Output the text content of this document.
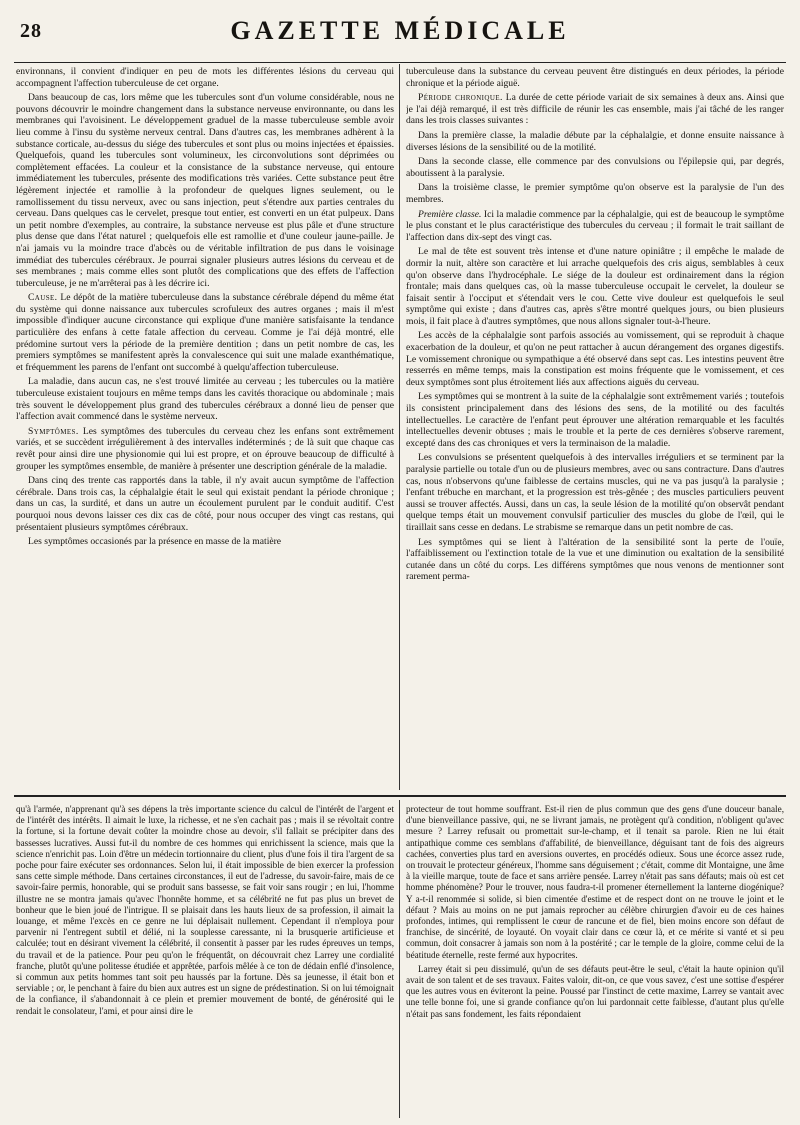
28	GAZETTE MÉDICALE

environnans, il convient d'indiquer en peu de mots les différentes lésions du cerveau qui accompagnent l'affection tuberculeuse de cet organe.

Dans beaucoup de cas, lors même que les tubercules sont d'un volume considérable, nous ne pouvons découvrir le moindre changement dans la substance nerveuse environnante, ou dans les membranes qui l'avoisinent. Le développement graduel de la masse tuberculeuse semble avoir lieu comme à l'insu du système nerveux central. Dans d'autres cas, les membranes adhèrent à la substance corticale, au-dessus du siége des tubercules et sont plus ou moins injectées et épaissies. Quelquefois, quand les tubercules sont volumineux, les circonvolutions sont déprimées ou complètement effacées. La couleur et la consistance de la substance nerveuse, qui entoure immédiatement les tubercules, présente des modifications très variées. Cette substance peut être légèrement injectée et ramollie à la profondeur de quelques lignes seulement, ou le ramollissement du tissu nerveux, avec ou sans injection, peut s'étendre aux parties centrales du cerveau. Dans quelques cas le cervelet, presque tout entier, est converti en un état pulpeux. Dans un petit nombre d'exemples, au contraire, la substance nerveuse est plus pâle et d'une structure plus dense que dans l'état naturel ; quelquefois elle est ramollie et d'une couleur jaune-paille. Je n'ai jamais vu la moindre trace d'abcès ou de véritable infiltration de pus dans le voisinage immédiat des tubercules cérébraux. Je pourrai signaler plusieurs autres lésions du cerveau et de ses membranes ; mais comme elles sont plutôt des complications que des effets de l'affection tuberculeuse, je ne m'arrêterai pas à les décrire ici.

Cause. Le dépôt de la matière tuberculeuse dans la substance cérébrale dépend du même état du système qui donne naissance aux tubercules scrofuleux des autres organes ; mais il m'est impossible d'indiquer aucune circonstance qui explique d'une manière satisfaisante la tendance particulière des enfans à cette fatale affection du cerveau. Comme je l'ai déjà montré, elle prédomine surtout vers la période de la première dentition ; dans un petit nombre de cas, les premiers symptômes se manifestent après la convalescence qui suit une malade exanthématique, et fréquemment les parens de l'enfant ont succombé à quelqu'affection tuberculeuse.

La maladie, dans aucun cas, ne s'est trouvé limitée au cerveau ; les tubercules ou la matière tuberculeuse existaient toujours en même temps dans les cavités thoracique ou abdominale ; mais très souvent le développement plus grand des tubercules cérébraux a donné lieu de penser que l'affection avait commencé dans le système nerveux.

Symptômes. Les symptômes des tubercules du cerveau chez les enfans sont extrêmement variés, et se succèdent irrégulièrement à des intervalles indéterminés ; de là suit que chaque cas revêt pour ainsi dire une physionomie qui lui est propre, et on éprouve beaucoup de difficulté à grouper les symptômes ensemble, de manière à présenter une description générale de la maladie.

Dans cinq des trente cas rapportés dans la table, il n'y avait aucun symptôme de l'affection cérébrale. Dans trois cas, la céphalalgie était le seul qui existait pendant la période chronique ; dans un cas, la surdité, et dans un autre un écoulement purulent par le conduit auditif. C'est pourquoi nous devons laisser ces dix cas de côté, pour nous occuper des vingt cas restans, qui présentaient plusieurs symptômes cérébraux.

Les symptômes occasionés par la présence en masse de la matière

tuberculeuse dans la substance du cerveau peuvent être distingués en deux périodes, la période chronique et la période aiguë.

Période chronique. La durée de cette période variait de six semaines à deux ans. Ainsi que je l'ai déjà remarqué, il est très difficile de réunir les cas ensemble, mais j'ai tâché de les ranger dans les trois classes suivantes :

Dans la première classe, la maladie débute par la céphalalgie, et donne ensuite naissance à diverses lésions de la sensibilité ou de la motilité.

Dans la seconde classe, elle commence par des convulsions ou l'épilepsie qui, par degrés, aboutissent à la paralysie.

Dans la troisième classe, le premier symptôme qu'on observe est la paralysie de l'un des membres.

Première classe. Ici la maladie commence par la céphalalgie, qui est de beaucoup le symptôme le plus constant et le plus caractéristique des tubercules du cerveau ; il formait le trait saillant de l'affection dans dix-sept des vingt cas.

Le mal de tête est souvent très intense et d'une nature opiniâtre ; il empêche le malade de dormir la nuit, altère son caractère et lui arrache quelquefois des cris aigus, semblables à ceux qu'on observe dans l'hydrocéphale. Le siége de la douleur est ordinairement dans la région frontale; mais dans quelques cas, où la masse tuberculeuse occupait le cervelet, la douleur se faisait sentir à l'occiput et s'étendait vers le cou. Cette vive douleur est quelquefois le seul symptôme qui existe ; dans d'autres cas, après s'être montré quelques jours, ou bien plusieurs mois, il fait place à d'autres symptômes, que nous allons signaler tout-à-l'heure.

Les accès de la céphalalgie sont parfois associés au vomissement, qui se reproduit à chaque exacerbation de la douleur, et qu'on ne peut rattacher à aucun dérangement des organes digestifs. Le vomissement chronique ou sympathique a été observé dans sept cas. Les intestins peuvent être resserrés en même temps, mais la constipation est moins fréquente que le vomissement, et ces deux symptômes sont plus étroitement liés aux affections aiguës du cerveau.

Les symptômes qui se montrent à la suite de la céphalalgie sont extrêmement variés ; toutefois ils consistent principalement dans des lésions des sens, de la motilité ou des facultés intellectuelles. Le caractère de l'enfant peut éprouver une altération remarquable et les facultés intellectuelles devenir obtuses ; mais le trouble et la perte de ces dernières s'observe rarement, excepté dans des cas chroniques et vers la terminaison de la maladie.

Les convulsions se présentent quelquefois à des intervalles irréguliers et se terminent par la paralysie partielle ou totale d'un ou de plusieurs membres, avec ou sans contracture. Dans d'autres cas, nous n'observons qu'une faiblesse de certains muscles, qui ne va pas jusqu'à la paralysie ; l'enfant trébuche en marchant, et la progression est très-gênée ; des muscles particuliers peuvent aussi se trouver affectés. Aussi, dans un cas, la seule lésion de la motilité qu'on observât pendant quelque temps était un mouvement convulsif particulier des muscles du globe de l'œil, qui le tiraillait sans cesse en dedans. Le strabisme se remarque dans un petit nombre de cas.

Les symptômes qui se lient à l'altération de la sensibilité sont la perte de l'ouïe, l'affaiblissement ou l'extinction totale de la vue et une diminution ou exaltation de la sensibilité cutanée dans un côté du corps. Les différens symptômes que nous venons de mentionner sont rarement perma-

qu'à l'armée, n'apprenant qu'à ses dépens la très importante science du calcul de l'intérêt de l'argent et de l'intérêt des intérêts. Il aimait le luxe, la richesse, et ne s'en cachait pas ; mais il se révoltait contre la fortune, si la fortune devait coûter la moindre chose au devoir, s'il fallait se précipiter dans des bassesses lucratives. Aussi fut-il du nombre de ces hommes qui enrichissent la science, mais que la science n'enrichit pas. Loin d'être un médecin tortionnaire du client, plus d'une fois il tira l'argent de sa poche pour faire exécuter ses ordonnances. Selon lui, il était impossible de bien exercer la profession sans cette simple méthode. Dans certaines circonstances, il eut de l'adresse, du savoir-faire, mais de ce savoir-faire permis, honorable, qui se produit sans bassesse, se fait voir sans rougir ; en lui, l'homme illustre ne se montra jamais qu'avec l'honnête homme, et sa célébrité ne fut pas plus un brevet de bonheur que le bien joué de l'intrigue. Il se plaisait dans les hauts lieux de sa profession, il aimait la louange, et même l'excès en ce genre ne lui déplaisait nullement. Cependant il n'employa pour parvenir ni l'entregent subtil et délié, ni la souplesse caressante, ni la brusquerie artificieuse et calculée; tout en désirant vivement la célébrité, il consentit à passer par les rudes épreuves un temps, du travail et de la patience. Pour peu qu'on le fréquentât, on découvrait chez Larrey une cordialité franche, plutôt qu'une politesse étudiée et apprêtée, parfois mêlée à ce ton de dédain enflé d'insolence, si commun aux petits hommes tant soit peu haussés par la fortune. Dès sa jeunesse, il était bon et serviable ; or, le penchant à faire du bien aux autres est un signe de prédestination. Si on lui témoignait de la confiance, il s'abandonnait à ce plein et premier mouvement de bonté, de générosité qui le rendait le consolateur, l'ami, et pour ainsi dire le

protecteur de tout homme souffrant. Est-il rien de plus commun que des gens d'une douceur banale, d'une bienveillance passive, qui, ne se livrant jamais, ne protègent qu'à condition, n'obligent qu'avec mesure ? Larrey refusait ou promettait sur-le-champ, et il tenait sa parole. Rien ne lui était antipathique comme ces semblans d'affabilité, de bienveillance, déguisant tant de fois des aigreurs cachées, converties plus tard en aversions ouvertes, en procédés odieux. Sous une écorce assez rude, on trouvait le protecteur généreux, l'homme sans déguisement ; c'était, comme dit Montaigne, une âme à la vieille marque, toute de face et sans arrière pensée. Larrey n'était pas sans défauts; mais où est cet homme phénomène? Pour le trouver, nous faudra-t-il promener éternellement la lanterne diogénique? Y a-t-il renommée si solide, si bien cimentée d'estime et de respect dont on ne trouve le joint et le défaut ? Mais au moins on ne put jamais reprocher au célèbre chirurgien d'avoir eu de ces haines profondes, intimes, qui remplissent le cœur de rancune et de fiel, bien moins encore son défaut de franchise, de sincérité, de loyauté. On voyait clair dans ce cœur là, et ce mérite si vanté et si peu commun, doit consacrer à jamais son nom à la postérité ; car le temple de la gloire, comme celui de la béatitude éternelle, reste fermé aux hypocrites.

Larrey était si peu dissimulé, qu'un de ses défauts peut-être le seul, c'était la haute opinion qu'il avait de son talent et de ses travaux. Faites valoir, dit-on, ce que vous savez, c'est une sottise d'espérer que les autres vous en éviteront la peine. Poussé par l'instinct de cette maxime, Larrey se vantait avec une telle bonne foi, une si grande confiance qu'on lui pardonnait cette faiblesse, d'autant plus qu'elle n'était pas sans fondement, les faits répondaient
